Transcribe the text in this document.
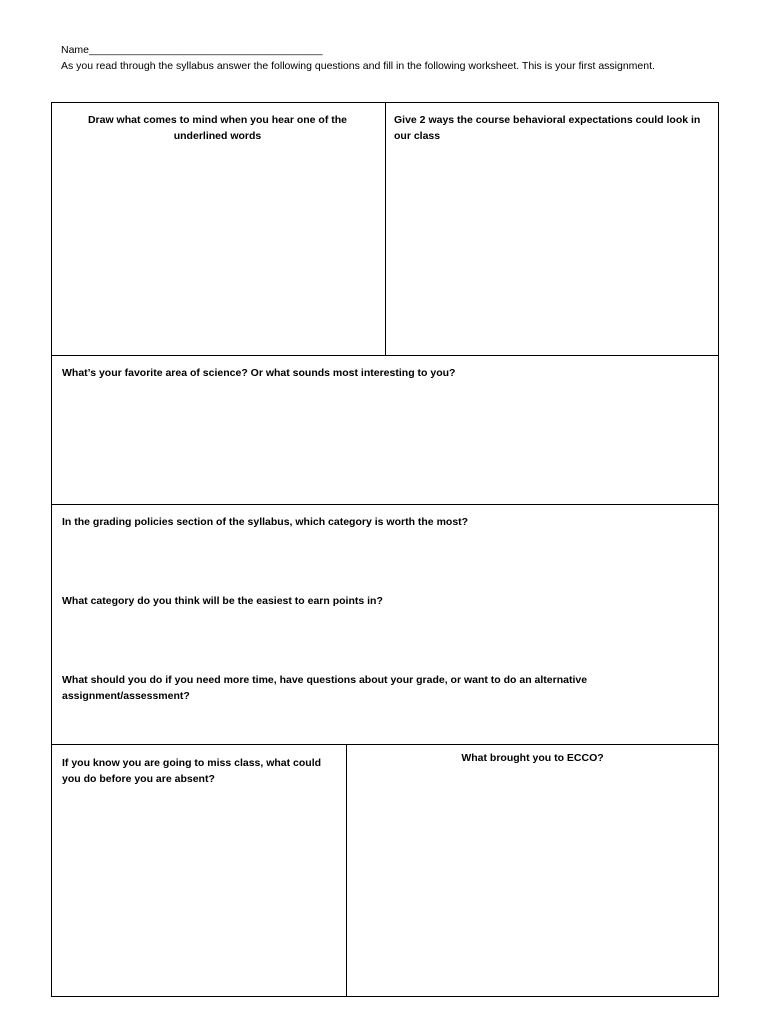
Name________________________________________
As you read through the syllabus answer the following questions and fill in the following worksheet. This is your first assignment.
Draw what comes to mind when you hear one of the underlined words
Give 2 ways the course behavioral expectations could look in our class
What’s your favorite area of science? Or what sounds most interesting to you?
In the grading policies section of the syllabus, which category is worth the most?
What category do you think will be the easiest to earn points in?
What should you do if you need more time, have questions about your grade, or want to do an alternative assignment/assessment?
If you know you are going to miss class, what could you do before you are absent?
What brought you to ECCO?
